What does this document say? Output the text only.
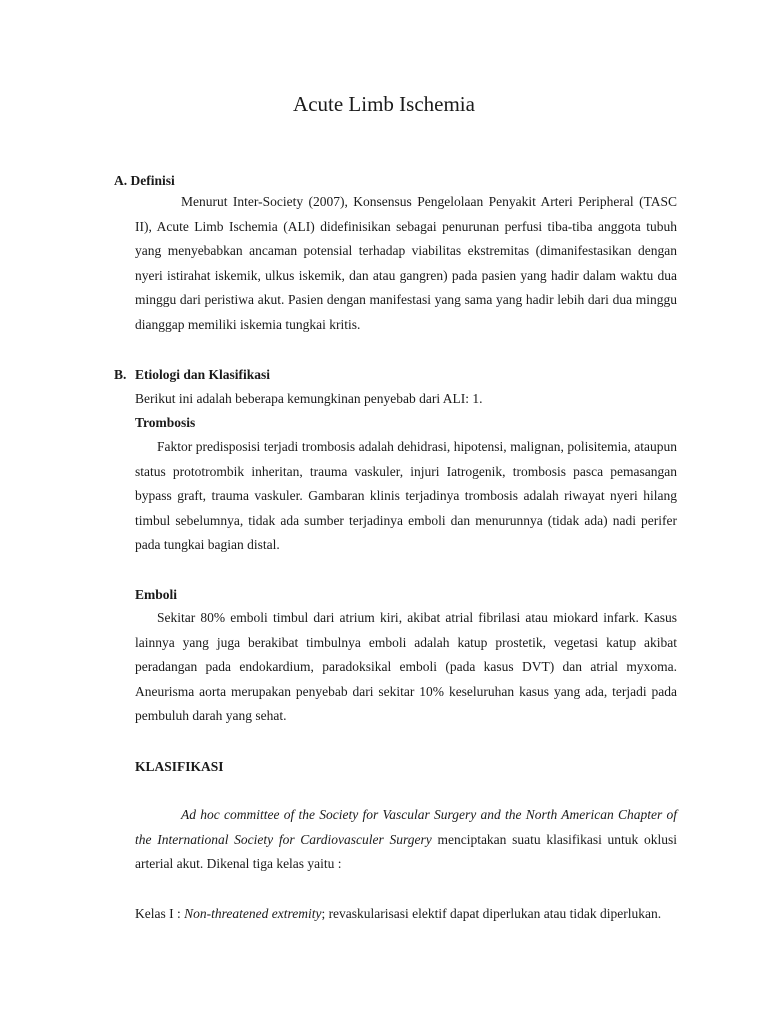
Acute Limb Ischemia
A. Definisi

Menurut Inter-Society (2007), Konsensus Pengelolaan Penyakit Arteri Peripheral (TASC II), Acute Limb Ischemia (ALI) didefinisikan sebagai penurunan perfusi tiba-tiba anggota tubuh yang menyebabkan ancaman potensial terhadap viabilitas ekstremitas (dimanifestasikan dengan nyeri istirahat iskemik, ulkus iskemik, dan atau gangren) pada pasien yang hadir dalam waktu dua minggu dari peristiwa akut. Pasien dengan manifestasi yang sama yang hadir lebih dari dua minggu dianggap memiliki iskemia tungkai kritis.

B. Etiologi dan Klasifikasi
Berikut ini adalah beberapa kemungkinan penyebab dari ALI: 1.
Trombosis

Faktor predisposisi terjadi trombosis adalah dehidrasi, hipotensi, malignan, polisitemia, ataupun status prototrombik inheritan, trauma vaskuler, injuri Iatrogenik, trombosis pasca pemasangan bypass graft, trauma vaskuler. Gambaran klinis terjadinya trombosis adalah riwayat nyeri hilang timbul sebelumnya, tidak ada sumber terjadinya emboli dan menurunnya (tidak ada) nadi perifer pada tungkai bagian distal.

Emboli

Sekitar 80% emboli timbul dari atrium kiri, akibat atrial fibrilasi atau miokard infark. Kasus lainnya yang juga berakibat timbulnya emboli adalah katup prostetik, vegetasi katup akibat peradangan pada endokardium, paradoksikal emboli (pada kasus DVT) dan atrial myxoma. Aneurisma aorta merupakan penyebab dari sekitar 10% keseluruhan kasus yang ada, terjadi pada pembuluh darah yang sehat.

KLASIFIKASI

Ad hoc committee of the Society for Vascular Surgery and the North American Chapter of the International Society for Cardiovasculer Surgery menciptakan suatu klasifikasi untuk oklusi arterial akut. Dikenal tiga kelas yaitu :

Kelas I : Non-threatened extremity; revaskularisasi elektif dapat diperlukan atau tidak diperlukan.
